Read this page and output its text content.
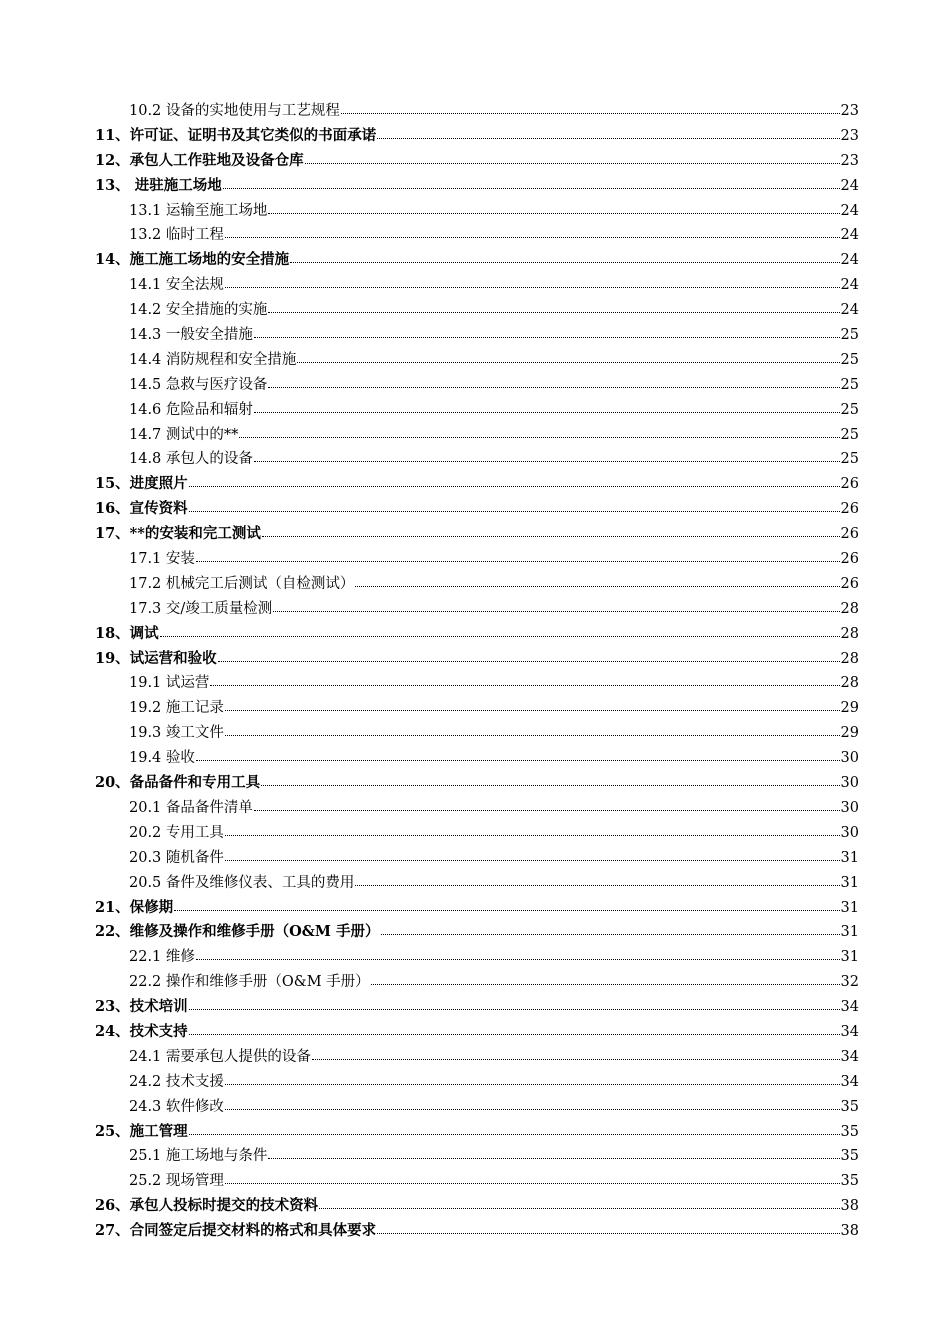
10.2 设备的实地使用与工艺规程	23
11、许可证、证明书及其它类似的书面承诺	23
12、承包人工作驻地及设备仓库	23
13、 进驻施工场地	24
13.1 运输至施工场地	24
13.2 临时工程	24
14、施工施工场地的安全措施	24
14.1 安全法规	24
14.2 安全措施的实施	24
14.3 一般安全措施	25
14.4 消防规程和安全措施	25
14.5 急救与医疗设备	25
14.6 危险品和辐射	25
14.7 测试中的**	25
14.8 承包人的设备	25
15、进度照片	26
16、宣传资料	26
17、**的安装和完工测试	26
17.1 安装	26
17.2 机械完工后测试（自检测试）	26
17.3 交/竣工质量检测	28
18、调试	28
19、试运营和验收	28
19.1 试运营	28
19.2 施工记录	29
19.3 竣工文件	29
19.4 验收	30
20、备品备件和专用工具	30
20.1 备品备件清单	30
20.2 专用工具	30
20.3 随机备件	31
20.5 备件及维修仪表、工具的费用	31
21、保修期	31
22、维修及操作和维修手册（O&M 手册）	31
22.1 维修	31
22.2 操作和维修手册（O&M 手册）	32
23、技术培训	34
24、技术支持	34
24.1 需要承包人提供的设备	34
24.2 技术支援	34
24.3 软件修改	35
25、施工管理	35
25.1 施工场地与条件	35
25.2 现场管理	35
26、承包人投标时提交的技术资料	38
27、合同签定后提交材料的格式和具体要求	38
